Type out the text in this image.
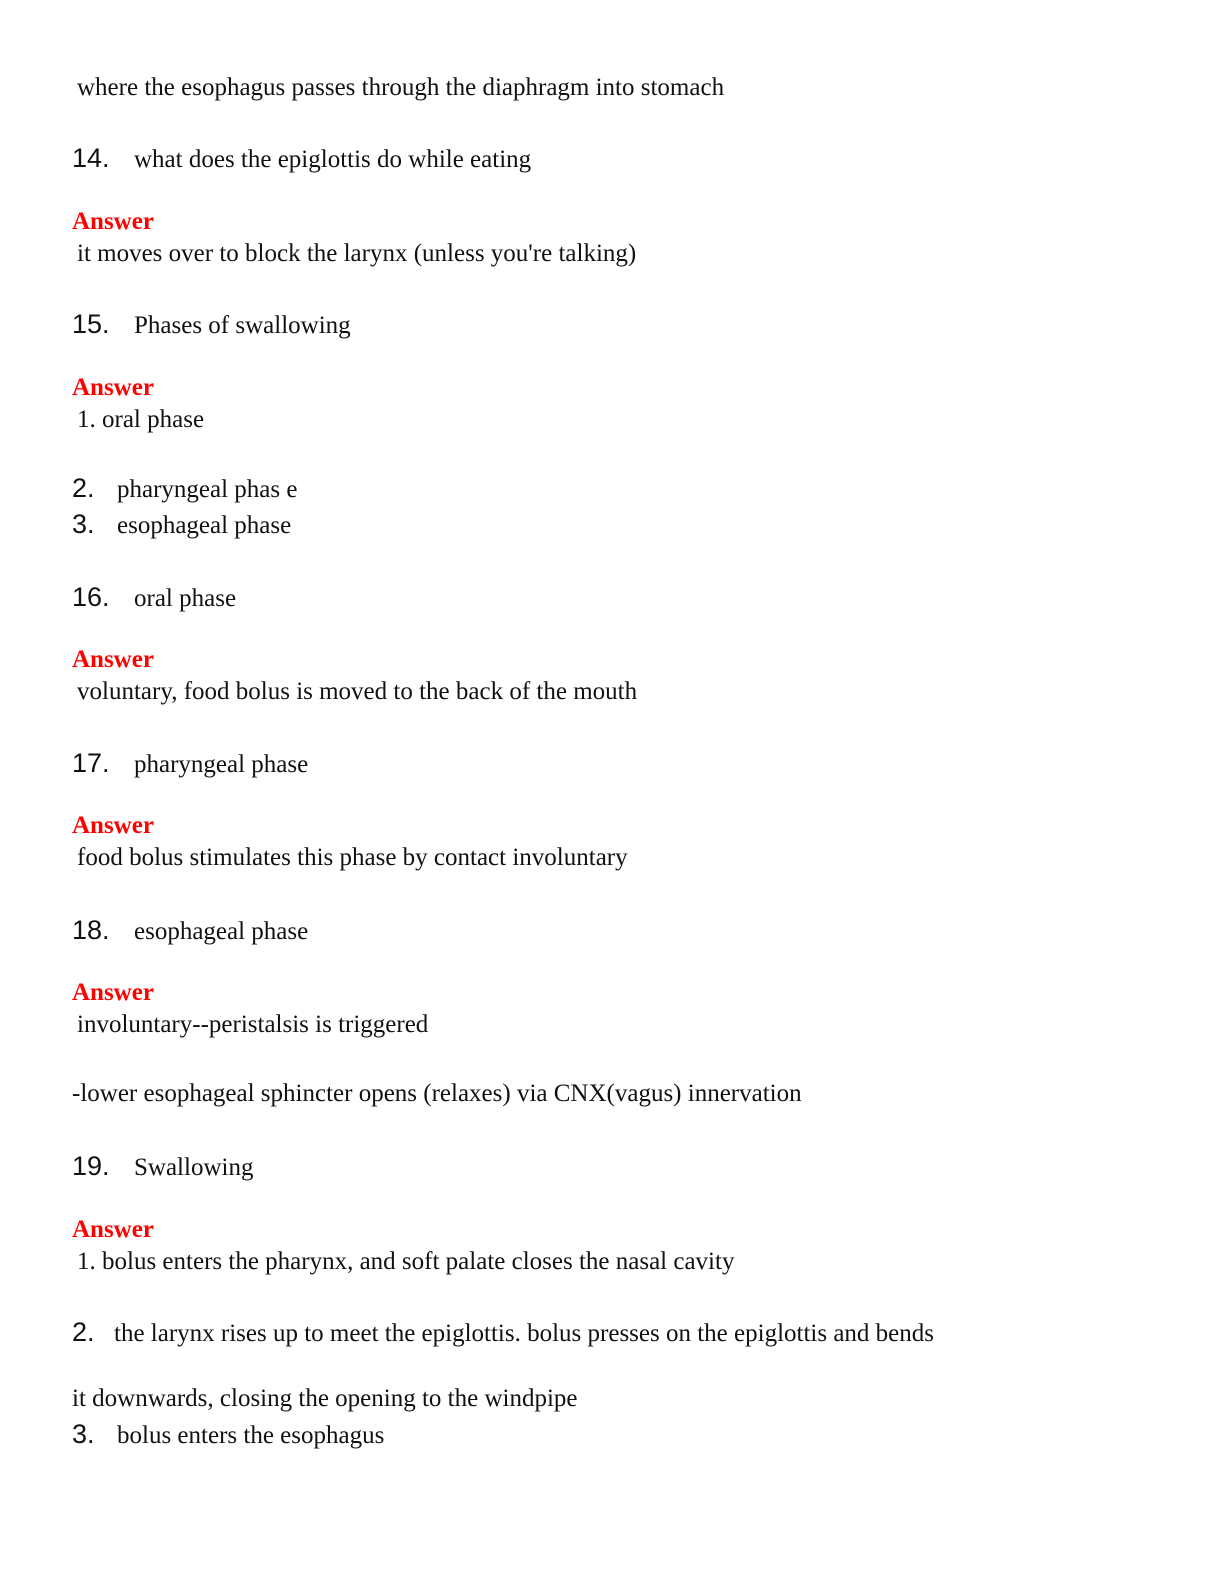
where the esophagus passes through the diaphragm into stomach
14. what does the epiglottis do while eating
Answer
it moves over to block the larynx (unless you're talking)
15. Phases of swallowing
Answer
1. oral phase
2. pharyngeal phas e
3. esophageal phase
16. oral phase
Answer
voluntary, food bolus is moved to the back of the mouth
17. pharyngeal phase
Answer
food bolus stimulates this phase by contact involuntary
18. esophageal phase
Answer
involuntary--peristalsis is triggered
-lower esophageal sphincter opens (relaxes) via CNX(vagus) innervation
19. Swallowing
Answer
1. bolus enters the pharynx, and soft palate closes the nasal cavity
2. the larynx rises up to meet the epiglottis. bolus presses on the epiglottis and bends
it downwards, closing the opening to the windpipe
3. bolus enters the esophagus
